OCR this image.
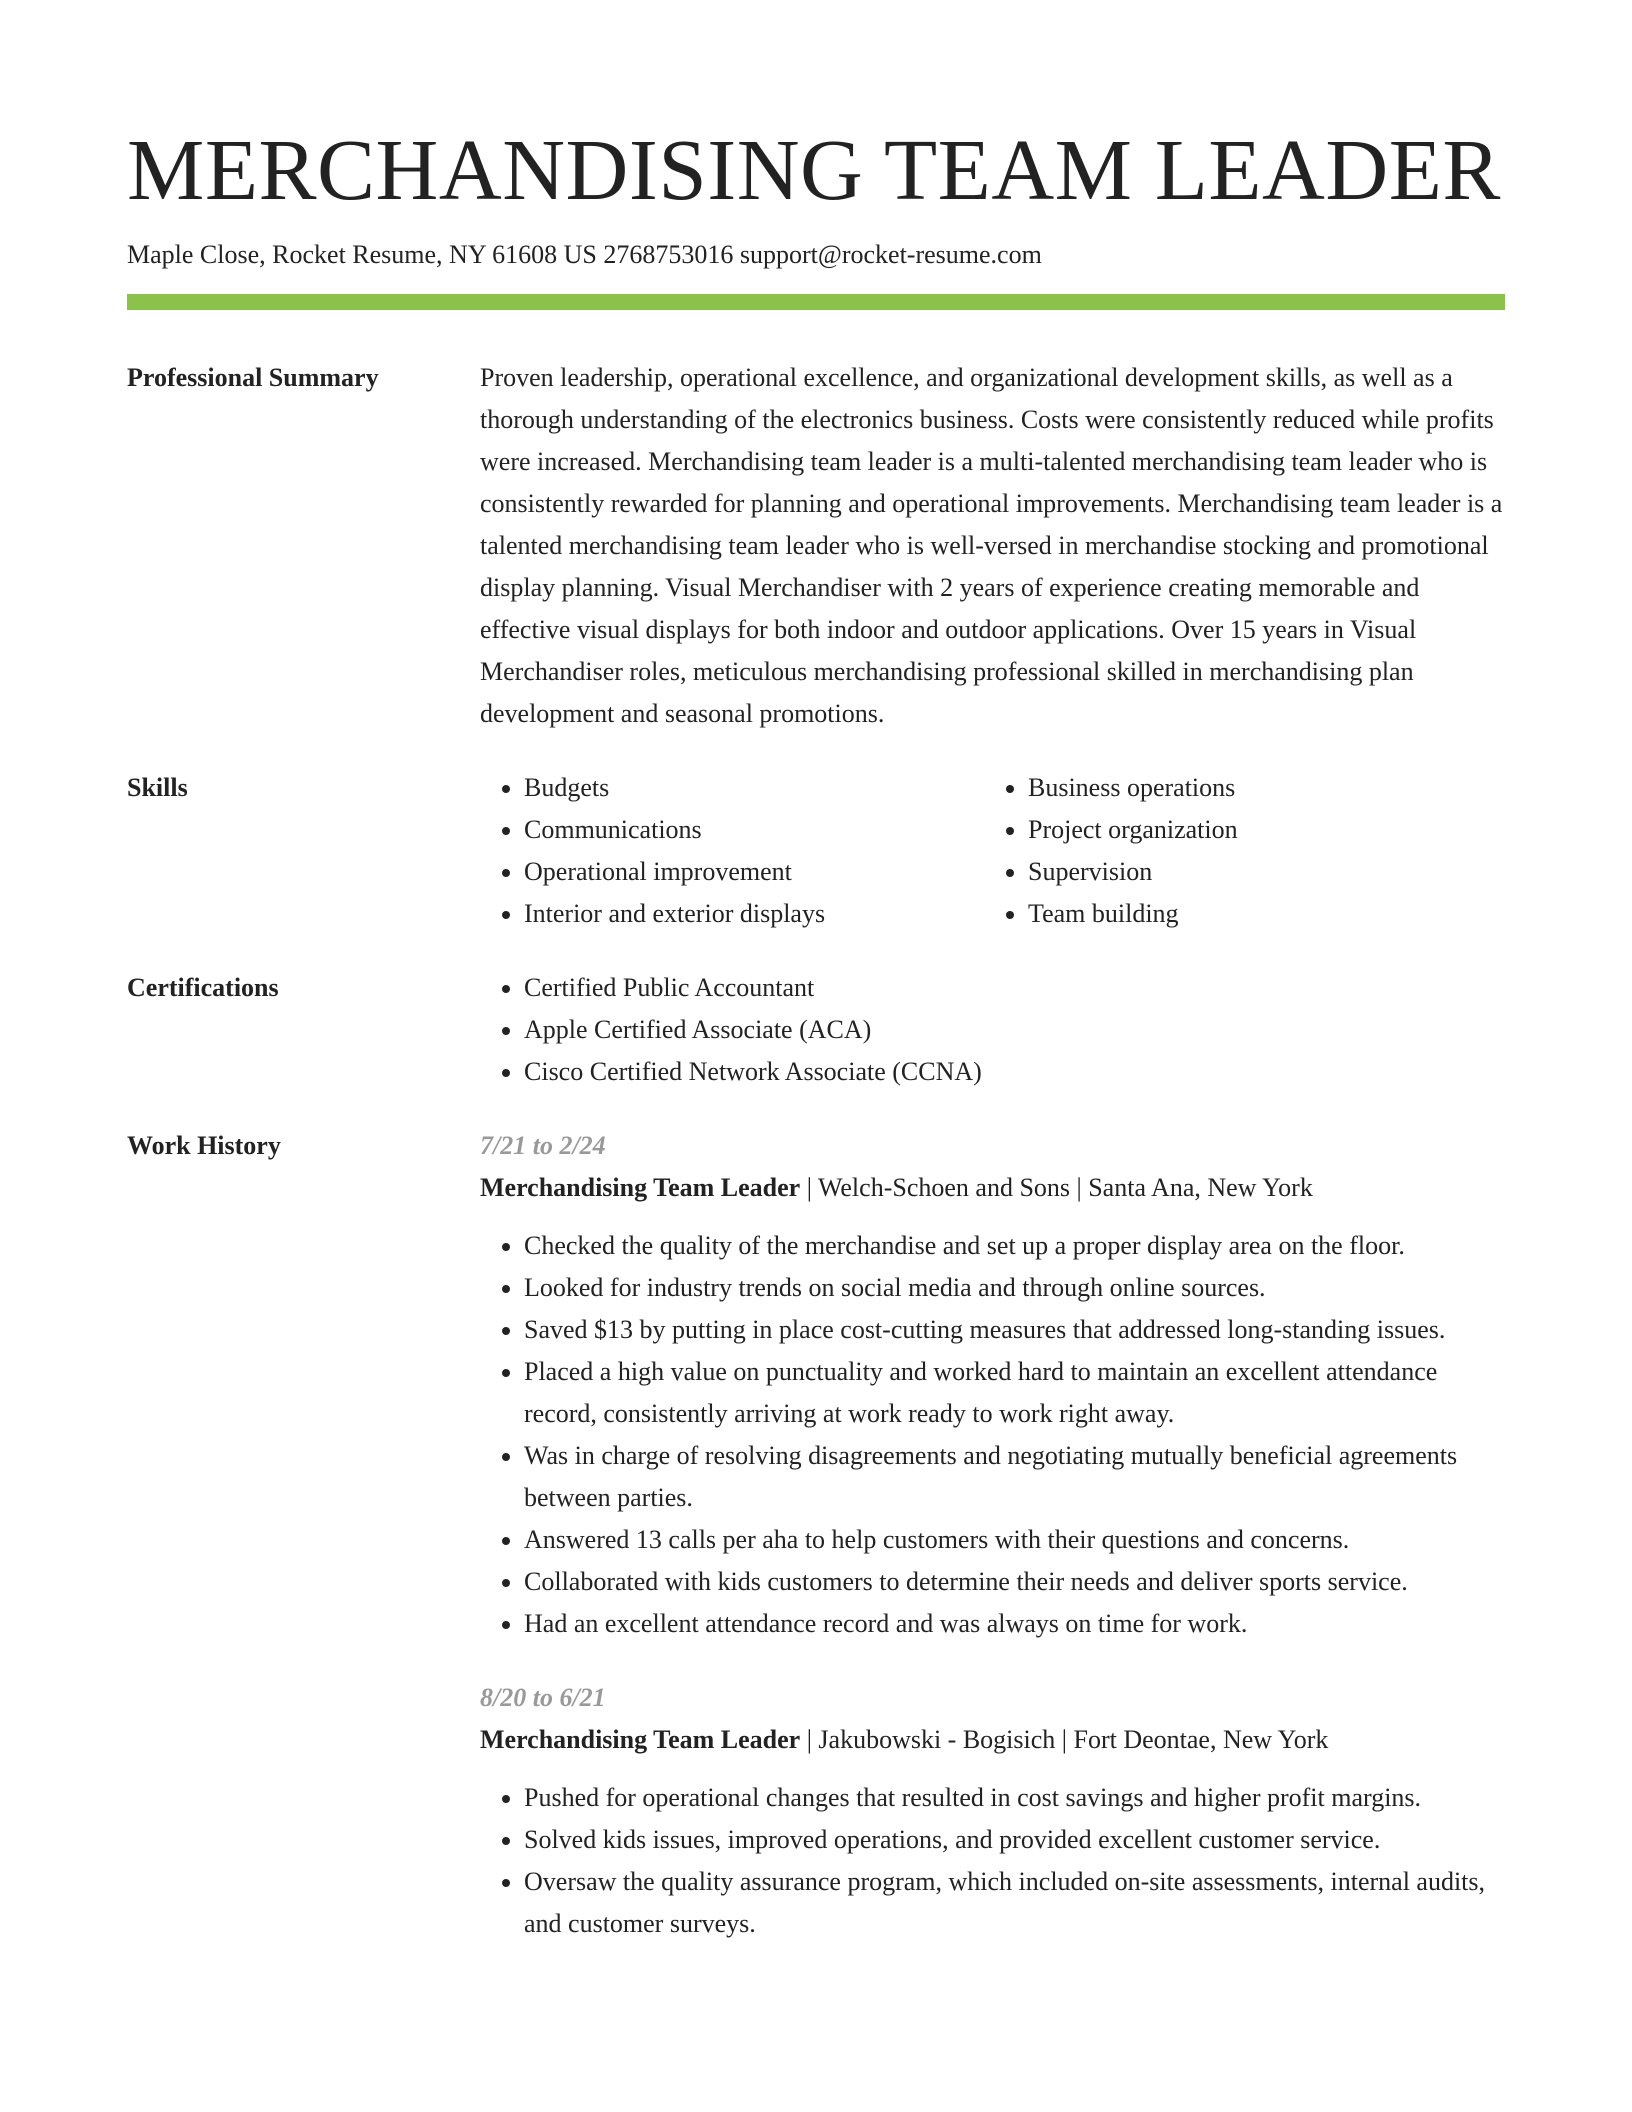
MERCHANDISING TEAM LEADER
Maple Close, Rocket Resume, NY 61608 US 2768753016 support@rocket-resume.com
Professional Summary	Proven leadership, operational excellence, and organizational development skills, as well as a thorough understanding of the electronics business. Costs were consistently reduced while profits were increased. Merchandising team leader is a multi-talented merchandising team leader who is consistently rewarded for planning and operational improvements. Merchandising team leader is a talented merchandising team leader who is well-versed in merchandise stocking and promotional display planning. Visual Merchandiser with 2 years of experience creating memorable and effective visual displays for both indoor and outdoor applications. Over 15 years in Visual Merchandiser roles, meticulous merchandising professional skilled in merchandising plan development and seasonal promotions.

Skills	• Budgets
• Communications
• Operational improvement
• Interior and exterior displays
• Business operations
• Project organization
• Supervision
• Team building
Certifications	• Certified Public Accountant
• Apple Certified Associate (ACA)
• Cisco Certified Network Associate (CCNA)
Work History	7/21 to 2/24
Merchandising Team Leader | Welch-Schoen and Sons | Santa Ana, New York
• Checked the quality of the merchandise and set up a proper display area on the floor.
• Looked for industry trends on social media and through online sources.
• Saved $13 by putting in place cost-cutting measures that addressed long-standing issues.
• Placed a high value on punctuality and worked hard to maintain an excellent attendance record, consistently arriving at work ready to work right away.
• Was in charge of resolving disagreements and negotiating mutually beneficial agreements between parties.
• Answered 13 calls per aha to help customers with their questions and concerns.
• Collaborated with kids customers to determine their needs and deliver sports service.
• Had an excellent attendance record and was always on time for work.
8/20 to 6/21
Merchandising Team Leader | Jakubowski - Bogisich | Fort Deontae, New York
• Pushed for operational changes that resulted in cost savings and higher profit margins.
• Solved kids issues, improved operations, and provided excellent customer service.
• Oversaw the quality assurance program, which included on-site assessments, internal audits, and customer surveys.
